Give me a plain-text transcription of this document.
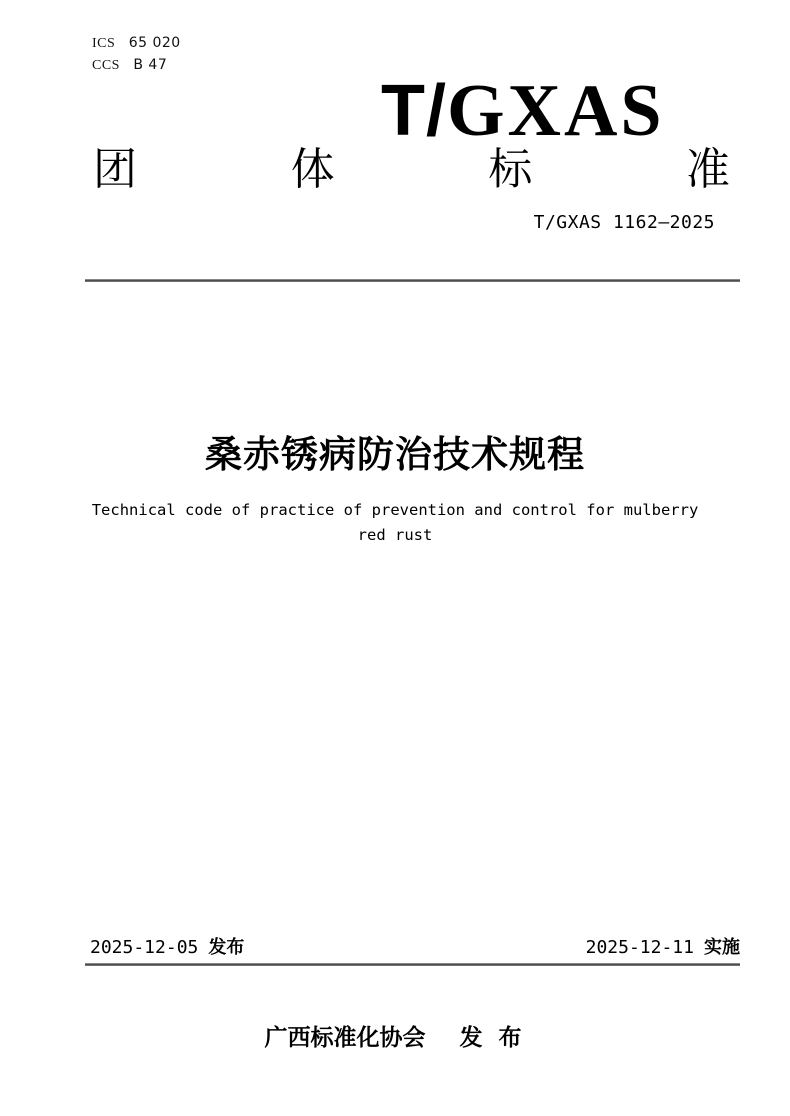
ICS 65 020
CCS B 47
T/GXAS
团	体	标	准
T/GXAS 1162—2025
桑赤锈病防治技术规程
Technical code of practice of prevention and control for mulberry
red rust
2025-12-05 发布	2025-12-11 实施
广西标准化协会 发 布
